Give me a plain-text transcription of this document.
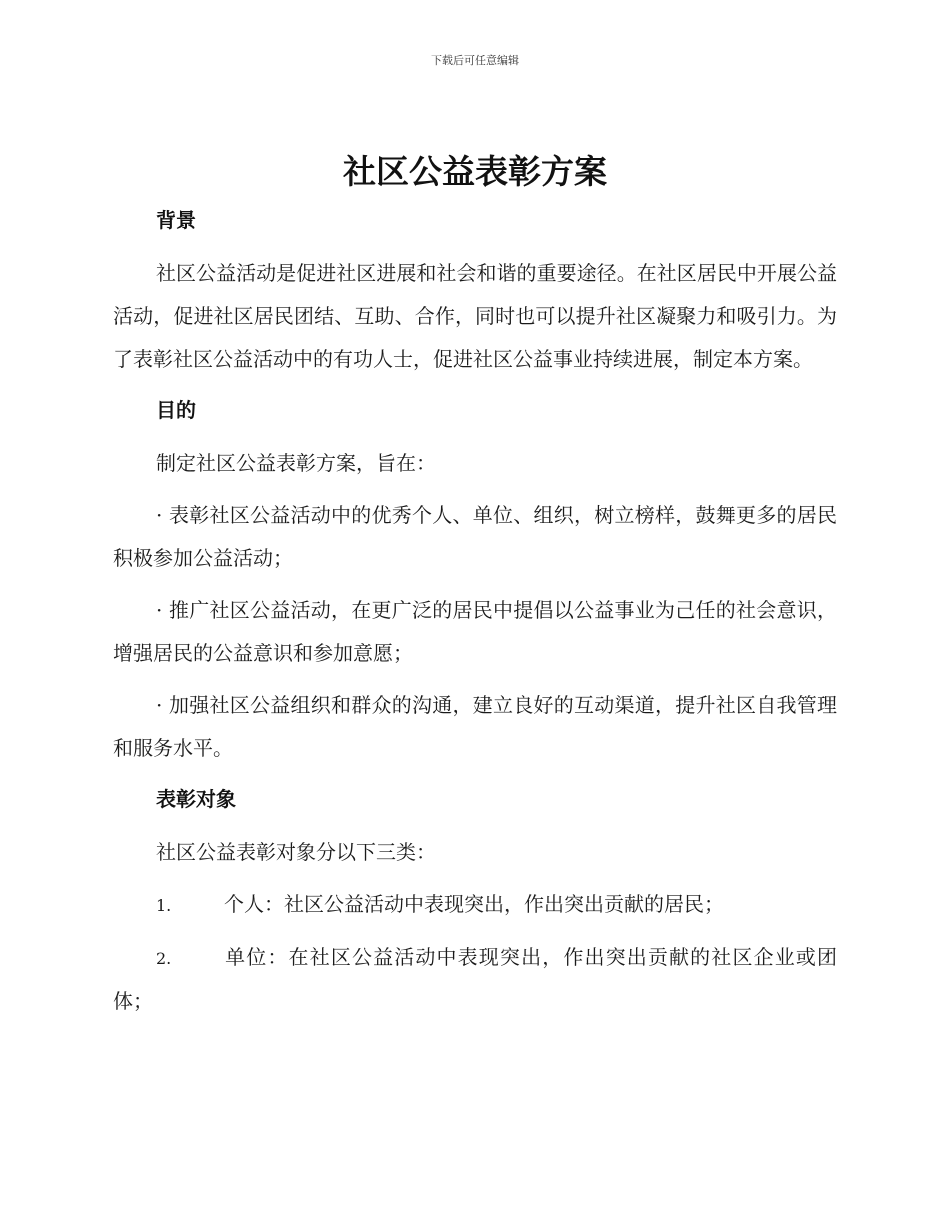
下载后可任意编辑
社区公益表彰方案
背景

社区公益活动是促进社区进展和社会和谐的重要途径。在社区居民中开展公益活动，促进社区居民团结、互助、合作，同时也可以提升社区凝聚力和吸引力。为了表彰社区公益活动中的有功人士，促进社区公益事业持续进展，制定本方案。

目的

制定社区公益表彰方案，旨在：

· 表彰社区公益活动中的优秀个人、单位、组织，树立榜样，鼓舞更多的居民积极参加公益活动；

· 推广社区公益活动，在更广泛的居民中提倡以公益事业为己任的社会意识，增强居民的公益意识和参加意愿；

· 加强社区公益组织和群众的沟通，建立良好的互动渠道，提升社区自我管理和服务水平。

表彰对象

社区公益表彰对象分以下三类：

1.	个人：社区公益活动中表现突出，作出突出贡献的居民；

2.	单位：在社区公益活动中表现突出，作出突出贡献的社区企业或团体；
